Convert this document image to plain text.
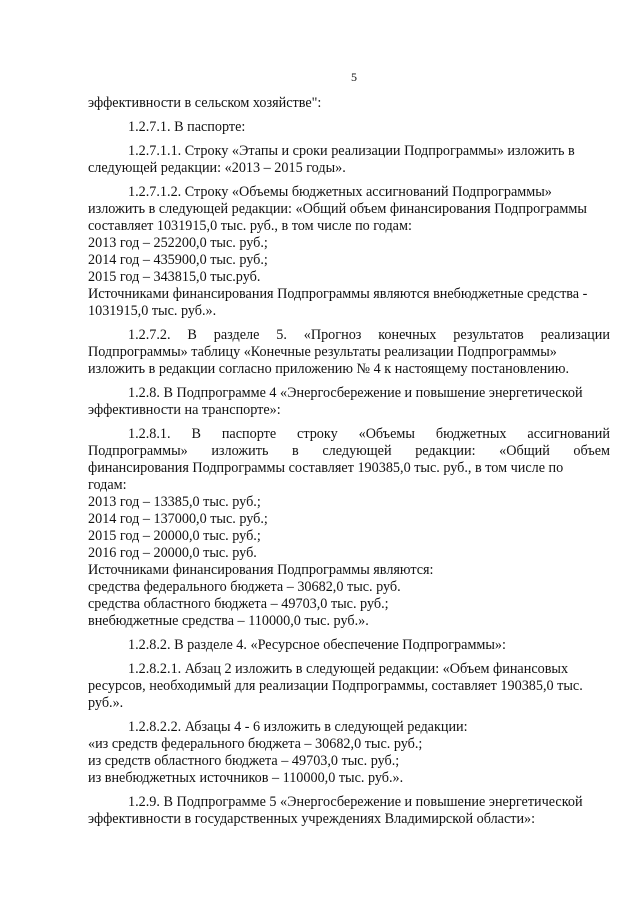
5
эффективности в сельском хозяйстве":
1.2.7.1. В паспорте:
1.2.7.1.1. Строку «Этапы и сроки реализации Подпрограммы» изложить в
следующей редакции: «2013 – 2015 годы».
1.2.7.1.2. Строку «Объемы бюджетных ассигнований Подпрограммы»
изложить в следующей редакции: «Общий объем финансирования Подпрограммы
составляет 1031915,0 тыс. руб., в том числе по годам:
2013 год – 252200,0 тыс. руб.;
2014 год – 435900,0 тыс. руб.;
2015 год – 343815,0 тыс.руб.
Источниками финансирования Подпрограммы являются внебюджетные средства -
1031915,0 тыс. руб.».
1.2.7.2. В разделе 5. «Прогноз конечных результатов реализации
Подпрограммы» таблицу «Конечные результаты реализации Подпрограммы»
изложить в редакции согласно приложению № 4 к настоящему постановлению.
1.2.8. В Подпрограмме 4 «Энергосбережение и повышение энергетической
эффективности на транспорте»:
1.2.8.1. В паспорте строку «Объемы бюджетных ассигнований
Подпрограммы» изложить в следующей редакции: «Общий объем
финансирования Подпрограммы составляет 190385,0 тыс. руб., в том числе по
годам:
2013 год – 13385,0 тыс. руб.;
2014 год – 137000,0 тыс. руб.;
2015 год – 20000,0 тыс. руб.;
2016 год – 20000,0 тыс. руб.
Источниками финансирования Подпрограммы являются:
средства федерального бюджета – 30682,0 тыс. руб.
средства областного бюджета – 49703,0 тыс. руб.;
внебюджетные средства – 110000,0 тыс. руб.».
1.2.8.2. В разделе 4. «Ресурсное обеспечение Подпрограммы»:
1.2.8.2.1. Абзац 2 изложить в следующей редакции: «Объем финансовых
ресурсов, необходимый для реализации Подпрограммы, составляет 190385,0 тыс.
руб.».
1.2.8.2.2. Абзацы 4 - 6 изложить в следующей редакции:
«из средств федерального бюджета – 30682,0 тыс. руб.;
из средств областного бюджета – 49703,0 тыс. руб.;
из внебюджетных источников – 110000,0 тыс. руб.».
1.2.9. В Подпрограмме 5 «Энергосбережение и повышение энергетической
эффективности в государственных учреждениях Владимирской области»:
